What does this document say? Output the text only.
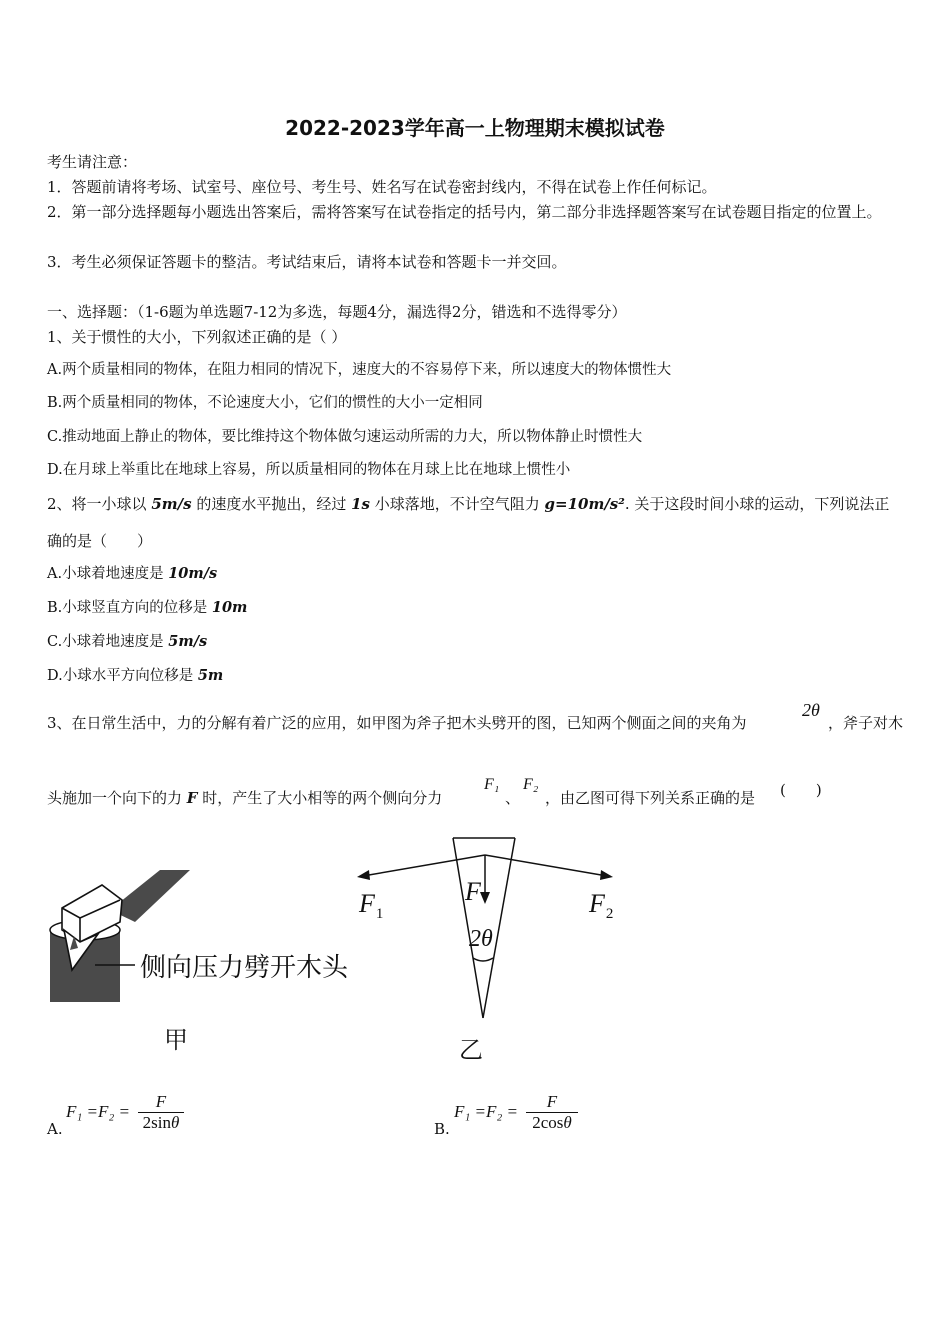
2022-2023学年高一上物理期末模拟试卷
考生请注意：
1．答题前请将考场、试室号、座位号、考生号、姓名写在试卷密封线内，不得在试卷上作任何标记。
2．第一部分选择题每小题选出答案后，需将答案写在试卷指定的括号内，第二部分非选择题答案写在试卷题目指定的位置上。
3．考生必须保证答题卡的整洁。考试结束后，请将本试卷和答题卡一并交回。
一、选择题：（1-6题为单选题7-12为多选，每题4分，漏选得2分，错选和不选得零分）
1、关于惯性的大小，下列叙述正确的是（ ）
A.两个质量相同的物体，在阻力相同的情况下，速度大的不容易停下来，所以速度大的物体惯性大
B.两个质量相同的物体，不论速度大小，它们的惯性的大小一定相同
C.推动地面上静止的物体，要比维持这个物体做匀速运动所需的力大，所以物体静止时惯性大
D.在月球上举重比在地球上容易，所以质量相同的物体在月球上比在地球上惯性小
2、将一小球以 5m/s 的速度水平抛出，经过 1s 小球落地，不计空气阻力 g=10m/s². 关于这段时间小球的运动，下列说法正
确的是（　　）
A.小球着地速度是 10m/s
B.小球竖直方向的位移是 10m
C.小球着地速度是 5m/s
D.小球水平方向位移是 5m
3、在日常生活中，力的分解有着广泛的应用，如甲图为斧子把木头劈开的图，已知两个侧面之间的夹角为
2θ
，斧子对木
头施加一个向下的力 F 时，产生了大小相等的两个侧向分力
F₁
、
F₂
，由乙图可得下列关系正确的是 (　　)
侧向压力劈开木头
甲
$F_1$	$F_2$
F
2θ
乙
A.
$F_1 =F_2 = \frac{F}{2\sin\theta}$	B.
$F_1 =F_2 = \frac{F}{2\cos\theta}$
